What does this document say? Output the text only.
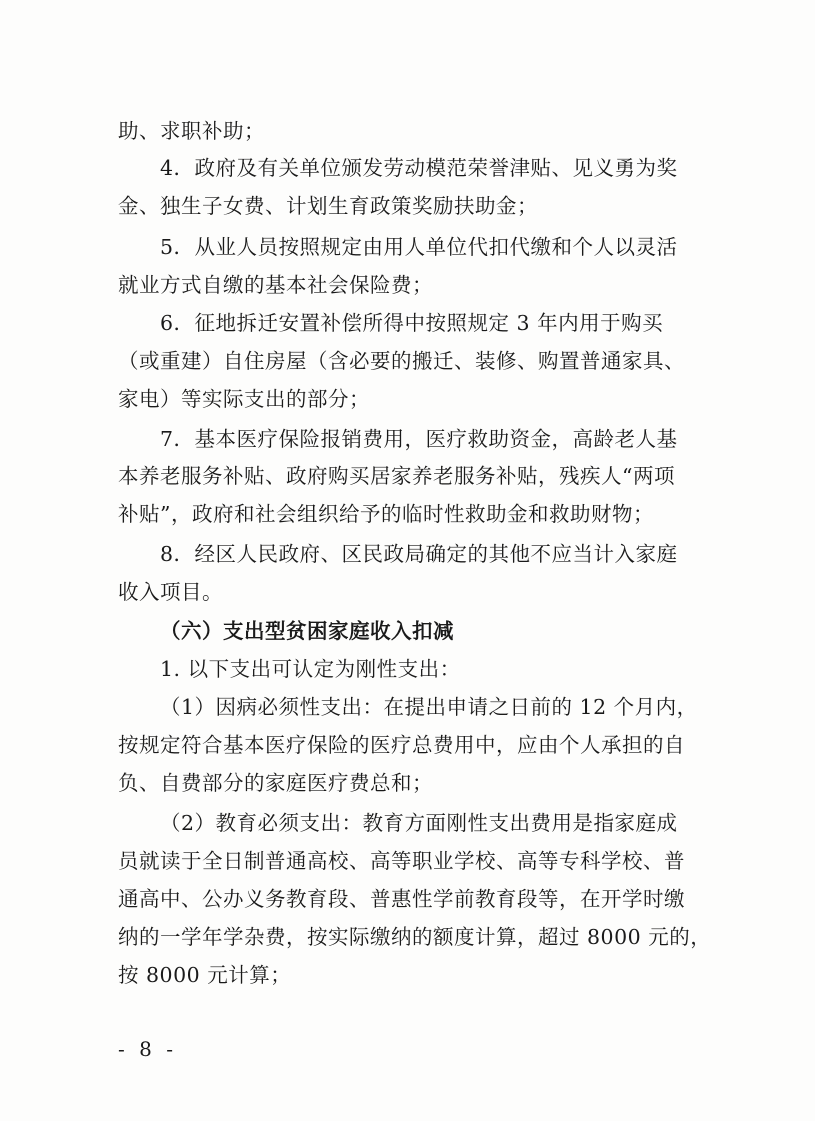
助、求职补助；
4．政府及有关单位颁发劳动模范荣誉津贴、见义勇为奖
金、独生子女费、计划生育政策奖励扶助金；
5．从业人员按照规定由用人单位代扣代缴和个人以灵活
就业方式自缴的基本社会保险费；
6．征地拆迁安置补偿所得中按照规定 3 年内用于购买
（或重建）自住房屋（含必要的搬迁、装修、购置普通家具、
家电）等实际支出的部分；
7．基本医疗保险报销费用，医疗救助资金，高龄老人基
本养老服务补贴、政府购买居家养老服务补贴，残疾人“两项
补贴”，政府和社会组织给予的临时性救助金和救助财物；
8．经区人民政府、区民政局确定的其他不应当计入家庭
收入项目。
（六）支出型贫困家庭收入扣减
1. 以下支出可认定为刚性支出：
（1）因病必须性支出：在提出申请之日前的 12 个月内，
按规定符合基本医疗保险的医疗总费用中，应由个人承担的自
负、自费部分的家庭医疗费总和；
（2）教育必须支出：教育方面刚性支出费用是指家庭成
员就读于全日制普通高校、高等职业学校、高等专科学校、普
通高中、公办义务教育段、普惠性学前教育段等，在开学时缴
纳的一学年学杂费，按实际缴纳的额度计算，超过 8000 元的，
按 8000 元计算；
- 8 -
